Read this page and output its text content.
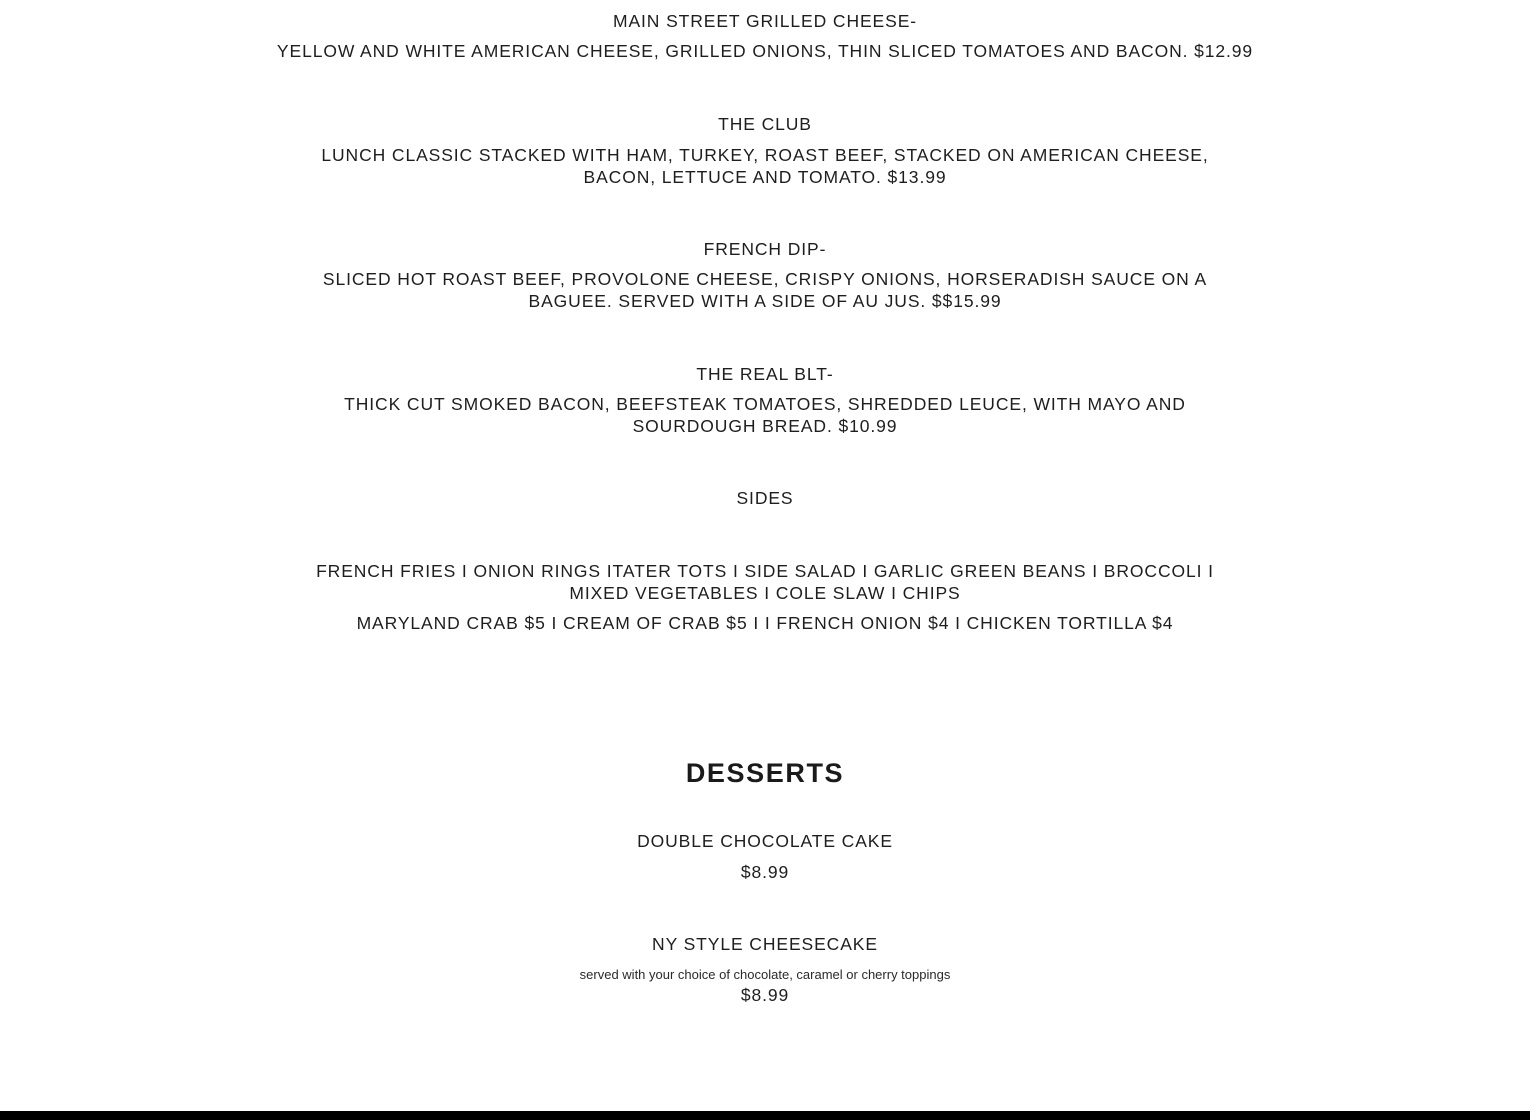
MAIN STREET GRILLED CHEESE-
YELLOW AND WHITE AMERICAN CHEESE, GRILLED ONIONS, THIN SLICED TOMATOES AND BACON. $12.99
THE CLUB
LUNCH CLASSIC STACKED WITH HAM, TURKEY, ROAST BEEF, STACKED ON AMERICAN CHEESE, BACON, LETTUCE AND TOMATO. $13.99
FRENCH DIP-
SLICED HOT ROAST BEEF, PROVOLONE CHEESE, CRISPY ONIONS, HORSERADISH SAUCE ON A BAGUEE. SERVED WITH A SIDE OF AU JUS. $$15.99
THE REAL BLT-
THICK CUT SMOKED BACON, BEEFSTEAK TOMATOES, SHREDDED LEUCE, WITH MAYO AND SOURDOUGH BREAD. $10.99
SIDES
FRENCH FRIES I ONION RINGS ITATER TOTS I SIDE SALAD I GARLIC GREEN BEANS I BROCCOLI I MIXED VEGETABLES I COLE SLAW I CHIPS
MARYLAND CRAB $5 I CREAM OF CRAB $5 I I FRENCH ONION $4 I CHICKEN TORTILLA $4
DESSERTS
DOUBLE CHOCOLATE CAKE
$8.99
NY STYLE CHEESECAKE
served with your choice of chocolate, caramel or cherry toppings
$8.99
